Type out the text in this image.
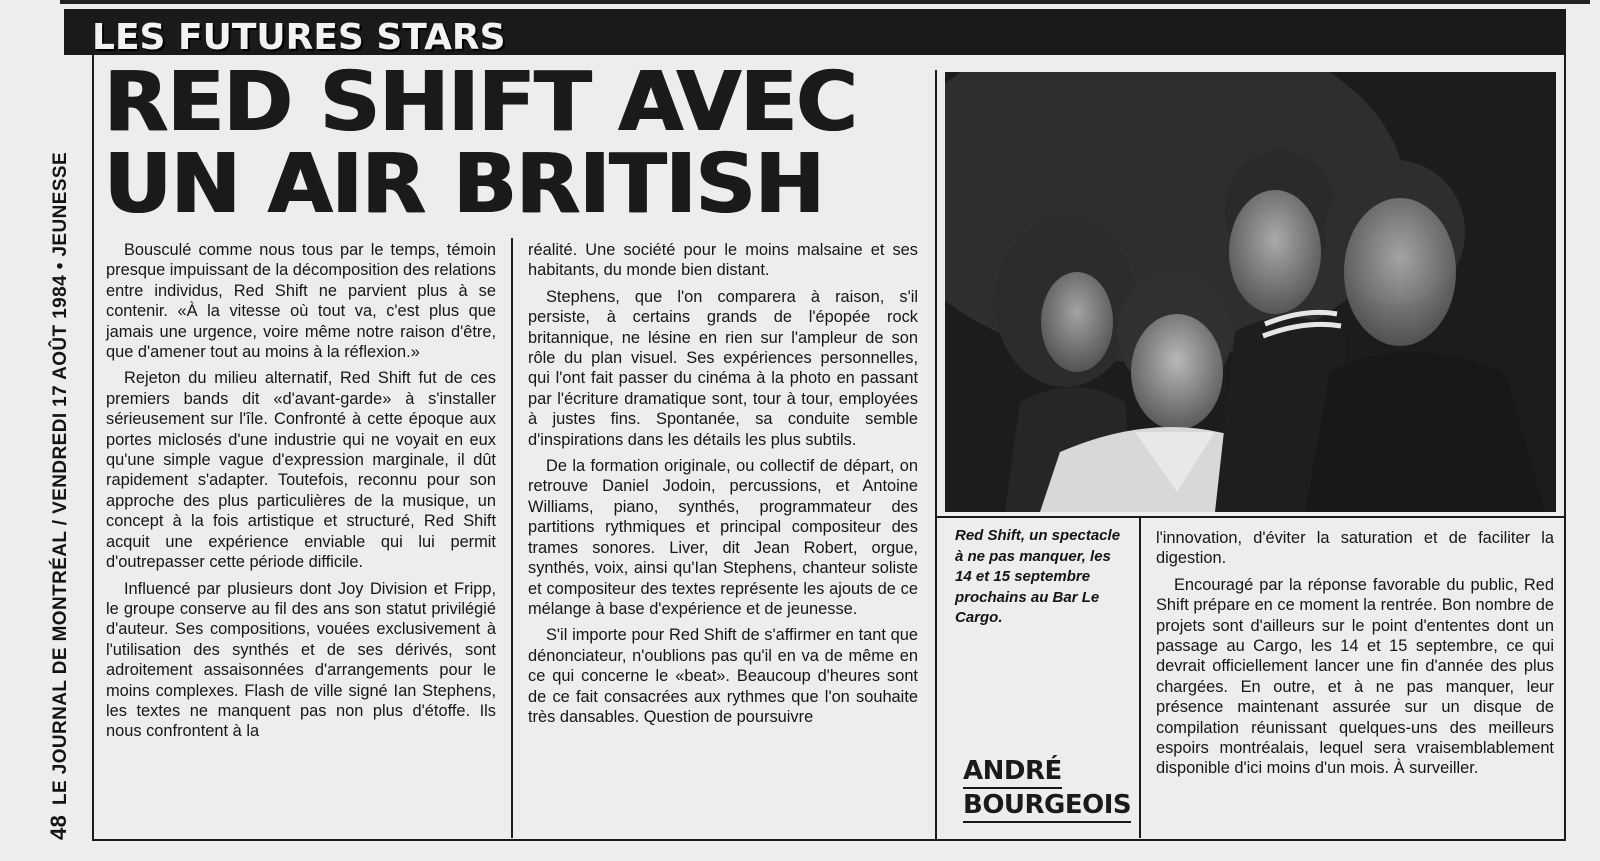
LES FUTURES STARS
48 LE JOURNAL DE MONTRÉAL / VENDREDI 17 AOÛT 1984 • JEUNESSE
RED SHIFT AVEC
UN AIR BRITISH

Bousculé comme nous tous par le temps, témoin presque impuissant de la décomposition des relations entre individus, Red Shift ne parvient plus à se contenir. «À la vitesse où tout va, c'est plus que jamais une urgence, voire même notre raison d'être, que d'amener tout au moins à la réflexion.»

Rejeton du milieu alternatif, Red Shift fut de ces premiers bands dit «d'avant-garde» à s'installer sérieusement sur l'île. Confronté à cette époque aux portes miclosés d'une industrie qui ne voyait en eux qu'une simple vague d'expression marginale, il dût rapidement s'adapter. Toutefois, reconnu pour son approche des plus particulières de la musique, un concept à la fois artistique et structuré, Red Shift acquit une expérience enviable qui lui permit d'outrepasser cette période difficile.

Influencé par plusieurs dont Joy Division et Fripp, le groupe conserve au fil des ans son statut privilégié d'auteur. Ses compositions, vouées exclusivement à l'utilisation des synthés et de ses dérivés, sont adroitement assaisonnées d'arrangements pour le moins complexes. Flash de ville signé Ian Stephens, les textes ne manquent pas non plus d'étoffe. Ils nous confrontent à la

réalité. Une société pour le moins malsaine et ses habitants, du monde bien distant.

Stephens, que l'on comparera à raison, s'il persiste, à certains grands de l'épopée rock britannique, ne lésine en rien sur l'ampleur de son rôle du plan visuel. Ses expériences personnelles, qui l'ont fait passer du cinéma à la photo en passant par l'écriture dramatique sont, tour à tour, employées à justes fins. Spontanée, sa conduite semble d'inspirations dans les détails les plus subtils.

De la formation originale, ou collectif de départ, on retrouve Daniel Jodoin, percussions, et Antoine Williams, piano, synthés, programmateur des partitions rythmiques et principal compositeur des trames sonores. Liver, dit Jean Robert, orgue, synthés, voix, ainsi qu'Ian Stephens, chanteur soliste et compositeur des textes représente les ajouts de ce mélange à base d'expérience et de jeunesse.

S'il importe pour Red Shift de s'affirmer en tant que dénonciateur, n'oublions pas qu'il en va de même en ce qui concerne le «beat». Beaucoup d'heures sont de ce fait consacrées aux rythmes que l'on souhaite très dansables. Question de poursuivre

Red Shift, un spectacle à ne pas manquer, les 14 et 15 septembre prochains au Bar Le Cargo.
ANDRÉ
BOURGEOIS

l'innovation, d'éviter la saturation et de faciliter la digestion.

Encouragé par la réponse favorable du public, Red Shift prépare en ce moment la rentrée. Bon nombre de projets sont d'ailleurs sur le point d'ententes dont un passage au Cargo, les 14 et 15 septembre, ce qui devrait officiellement lancer une fin d'année des plus chargées. En outre, et à ne pas manquer, leur présence maintenant assurée sur un disque de compilation réunissant quelques-uns des meilleurs espoirs montréalais, lequel sera vraisemblablement disponible d'ici moins d'un mois. À surveiller.
